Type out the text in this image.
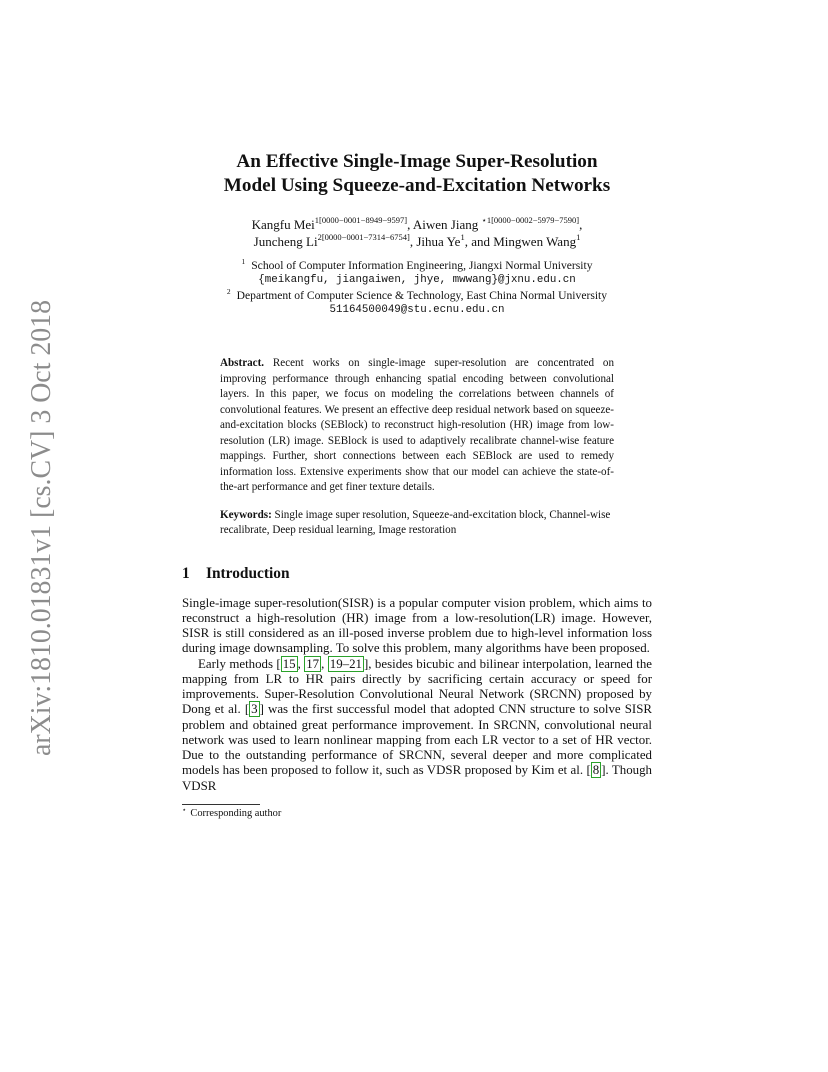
arXiv:1810.01831v1 [cs.CV] 3 Oct 2018
An Effective Single-Image Super-Resolution
Model Using Squeeze-and-Excitation Networks
Kangfu Mei$^{1[0000-0001-8949-9597]}$, Aiwen Jiang $^{⋆1[0000-0002-5979-7590]}$,
Juncheng $Li^{2[0000-0001-7314-6754]}$, Jihua Ye$^1$, and Mingwen Wang$^1$
$^1$ School of Computer Information Engineering, Jiangxi Normal University
{meikangfu, jiangaiwen, jhye, mwwang}@jxnu.edu.cn
$^2$ Department of Computer Science & Technology, East China Normal University
51164500049@stu.ecnu.edu.cn
Abstract. Recent works on single-image super-resolution are concentrated on improving performance through enhancing spatial encoding between convolutional layers. In this paper, we focus on modeling the correlations between channels of convolutional features. We present an effective deep residual network based on squeeze-and-excitation blocks (SEBlock) to reconstruct high-resolution (HR) image from low-resolution (LR) image. SEBlock is used to adaptively recalibrate channel-wise feature mappings. Further, short connections between each SEBlock are used to remedy information loss. Extensive experiments show that our model can achieve the state-of-the-art performance and get finer texture details.
Keywords: Single image super resolution, Squeeze-and-excitation block, Channel-wise recalibrate, Deep residual learning, Image restoration
1 Introduction

Single-image super-resolution(SISR) is a popular computer vision problem, which aims to reconstruct a high-resolution (HR) image from a low-resolution(LR) image. However, SISR is still considered as an ill-posed inverse problem due to high-level information loss during image downsampling. To solve this problem, many algorithms have been proposed.

Early methods [ 15 , 17 , 19–21 ], besides bicubic and bilinear interpolation, learned the mapping from LR to HR pairs directly by sacrificing certain accuracy or speed for improvements. Super-Resolution Convolutional Neural Network (SRCNN) proposed by Dong et al. [ 3 ] was the first successful model that adopted CNN structure to solve SISR problem and obtained great performance improvement. In SRCNN, convolutional neural network was used to learn nonlinear mapping from each LR vector to a set of HR vector. Due to the outstanding performance of SRCNN, several deeper and more complicated models has been proposed to follow it, such as VDSR proposed by Kim et al. [ 8 ]. Though VDSR

⋆ Corresponding author
